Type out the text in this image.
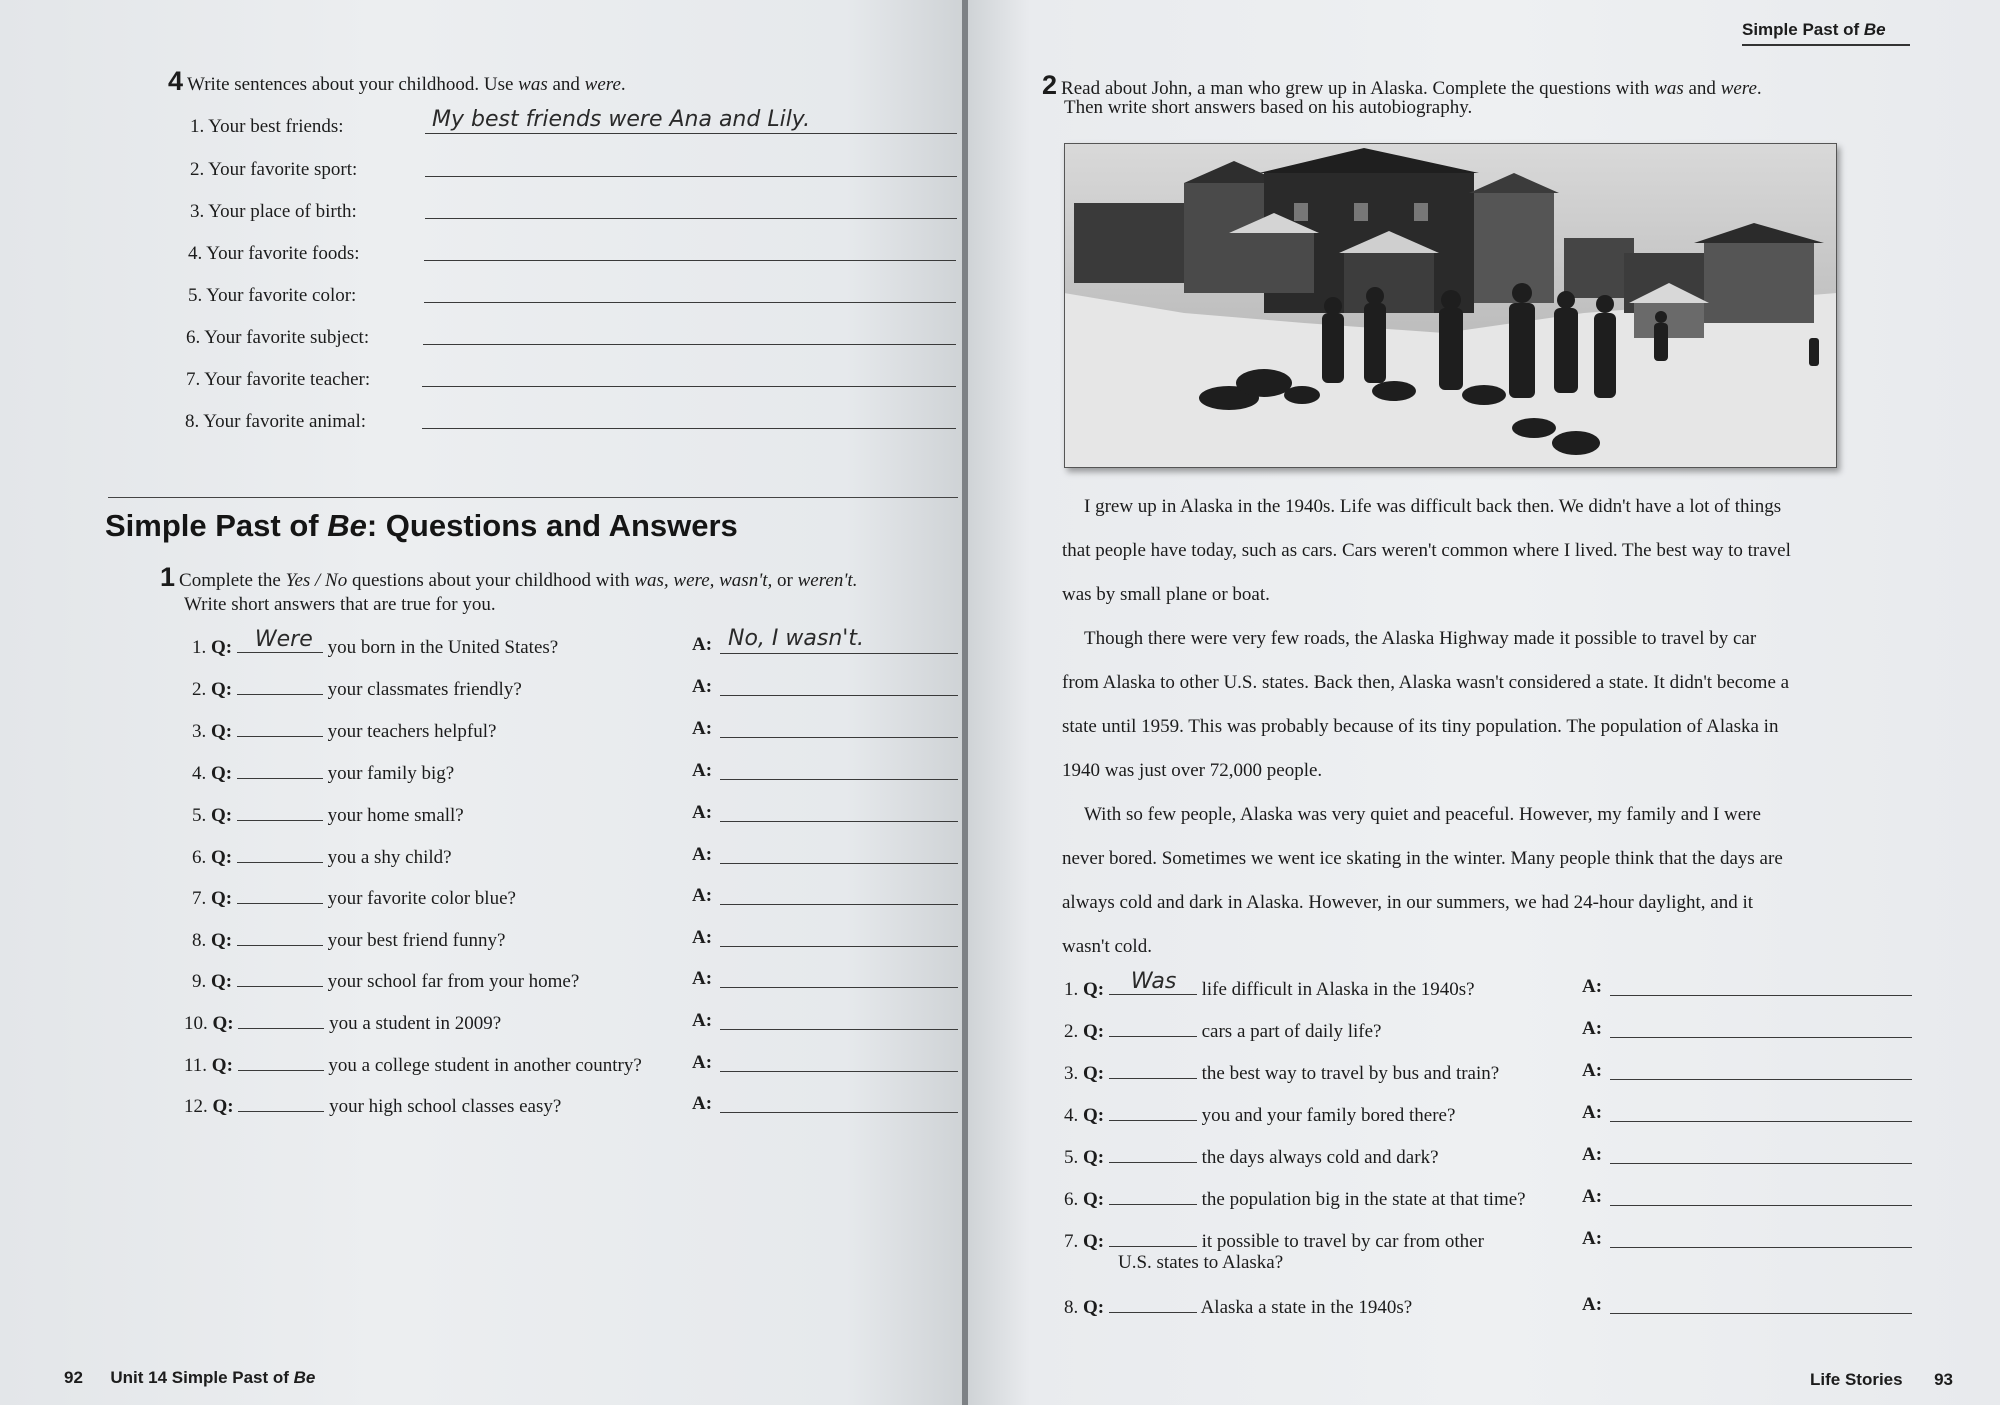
4 Write sentences about your childhood. Use was and were.
1. Your best friends:	My best friends were Ana and Lily.
2. Your favorite sport:
3. Your place of birth:
4. Your favorite foods:
5. Your favorite color:
6. Your favorite subject:
7. Your favorite teacher:
8. Your favorite animal:
Simple Past of Be: Questions and Answers
1 Complete the Yes / No questions about your childhood with was, were, wasn't, or weren't.
Write short answers that are true for you.
1. Q: Were you born in the United States?	A: No, I wasn't.
2. Q:	your classmates friendly?	A:
3. Q:	your teachers helpful?	A:
4. Q:	your family big?	A:
5. Q:	your home small?	A:
6. Q:	you a shy child?	A:
7. Q:	your favorite color blue?	A:
8. Q:	your best friend funny?	A:
9. Q:	your school far from your home?	A:
10. Q:	you a student in 2009?	A:
11. Q:	you a college student in another country?	A:
12. Q:	your high school classes easy?	A:
92 Unit 14 Simple Past of Be
Simple Past of Be
2 Read about John, a man who grew up in Alaska. Complete the questions with was and were.
Then write short answers based on his autobiography.
I grew up in Alaska in the 1940s. Life was difficult back then. We didn't have a lot of things that people have today, such as cars. Cars weren't common where I lived. The best way to travel was by small plane or boat.
Though there were very few roads, the Alaska Highway made it possible to travel by car from Alaska to other U.S. states. Back then, Alaska wasn't considered a state. It didn't become a state until 1959. This was probably because of its tiny population. The population of Alaska in 1940 was just over 72,000 people.
With so few people, Alaska was very quiet and peaceful. However, my family and I were never bored. Sometimes we went ice skating in the winter. Many people think that the days are always cold and dark in Alaska. However, in our summers, we had 24-hour daylight, and it wasn't cold.
1. Q: Was life difficult in Alaska in the 1940s?	A:
2. Q:	cars a part of daily life?	A:
3. Q:	the best way to travel by bus and train?	A:
4. Q:	you and your family bored there?	A:
5. Q:	the days always cold and dark?	A:
6. Q:	the population big in the state at that time?	A:
7. Q:	it possible to travel by car from other
U.S. states to Alaska?
A:
8. Q:	Alaska a state in the 1940s?	A:
Life Stories 93
